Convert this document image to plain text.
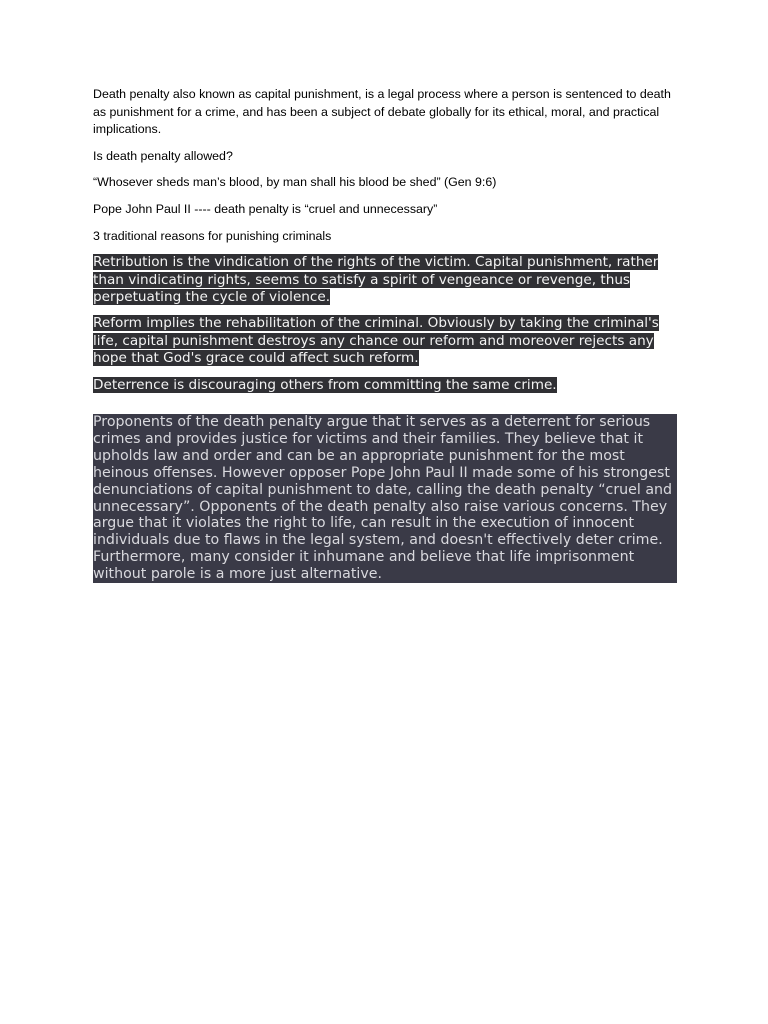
Death penalty also known as capital punishment, is a legal process where a person is sentenced to death as punishment for a crime, and has been a subject of debate globally for its ethical, moral, and practical implications.

Is death penalty allowed?

“Whosever sheds man’s blood, by man shall his blood be shed” (Gen 9:6)

Pope John Paul II ---- death penalty is “cruel and unnecessary”

3 traditional reasons for punishing criminals

Retribution is the vindication of the rights of the victim. Capital punishment, rather than vindicating rights, seems to satisfy a spirit of vengeance or revenge, thus perpetuating the cycle of violence.

Reform implies the rehabilitation of the criminal. Obviously by taking the criminal's life, capital punishment destroys any chance our reform and moreover rejects any hope that God's grace could affect such reform.

Deterrence is discouraging others from committing the same crime.

Proponents of the death penalty argue that it serves as a deterrent for serious crimes and provides justice for victims and their families. They believe that it upholds law and order and can be an appropriate punishment for the most heinous offenses. However opposer Pope John Paul II made some of his strongest denunciations of capital punishment to date, calling the death penalty “cruel and unnecessary”. Opponents of the death penalty also raise various concerns. They argue that it violates the right to life, can result in the execution of innocent individuals due to flaws in the legal system, and doesn't effectively deter crime. Furthermore, many consider it inhumane and believe that life imprisonment without parole is a more just alternative.
